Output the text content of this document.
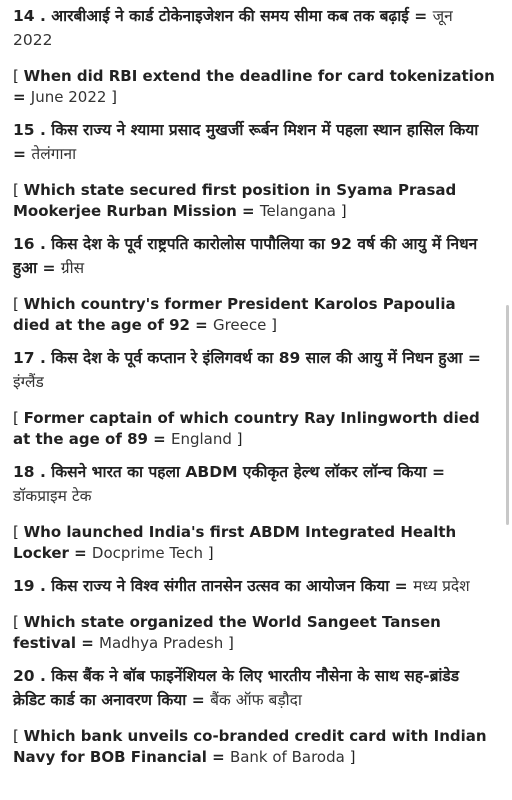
14 . आरबीआई ने कार्ड टोकेनाइजेशन की समय सीमा कब तक बढ़ाई = जून 2022

[ When did RBI extend the deadline for card tokenization = June 2022 ]

15 . किस राज्य ने श्यामा प्रसाद मुखर्जी रूर्बन मिशन में पहला स्थान हासिल किया = तेलंगाना

[ Which state secured first position in Syama Prasad Mookerjee Rurban Mission = Telangana ]

16 . किस देश के पूर्व राष्ट्रपति कारोलोस पापौलिया का 92 वर्ष की आयु में निधन हुआ = ग्रीस

[ Which country's former President Karolos Papoulia died at the age of 92 = Greece ]

17 . किस देश के पूर्व कप्तान रे इंलिगवर्थ का 89 साल की आयु में निधन हुआ = इंग्लैंड

[ Former captain of which country Ray Inlingworth died at the age of 89 = England ]

18 . किसने भारत का पहला ABDM एकीकृत हेल्थ लॉकर लॉन्च किया = डॉकप्राइम टेक

[ Who launched India's first ABDM Integrated Health Locker = Docprime Tech ]

19 . किस राज्य ने विश्व संगीत तानसेन उत्सव का आयोजन किया = मध्य प्रदेश

[ Which state organized the World Sangeet Tansen festival = Madhya Pradesh ]

20 . किस बैंक ने बॉब फाइनेंशियल के लिए भारतीय नौसेना के साथ सह-ब्रांडेड क्रेडिट कार्ड का अनावरण किया = बैंक ऑफ बड़ौदा

[ Which bank unveils co-branded credit card with Indian Navy for BOB Financial = Bank of Baroda ]
